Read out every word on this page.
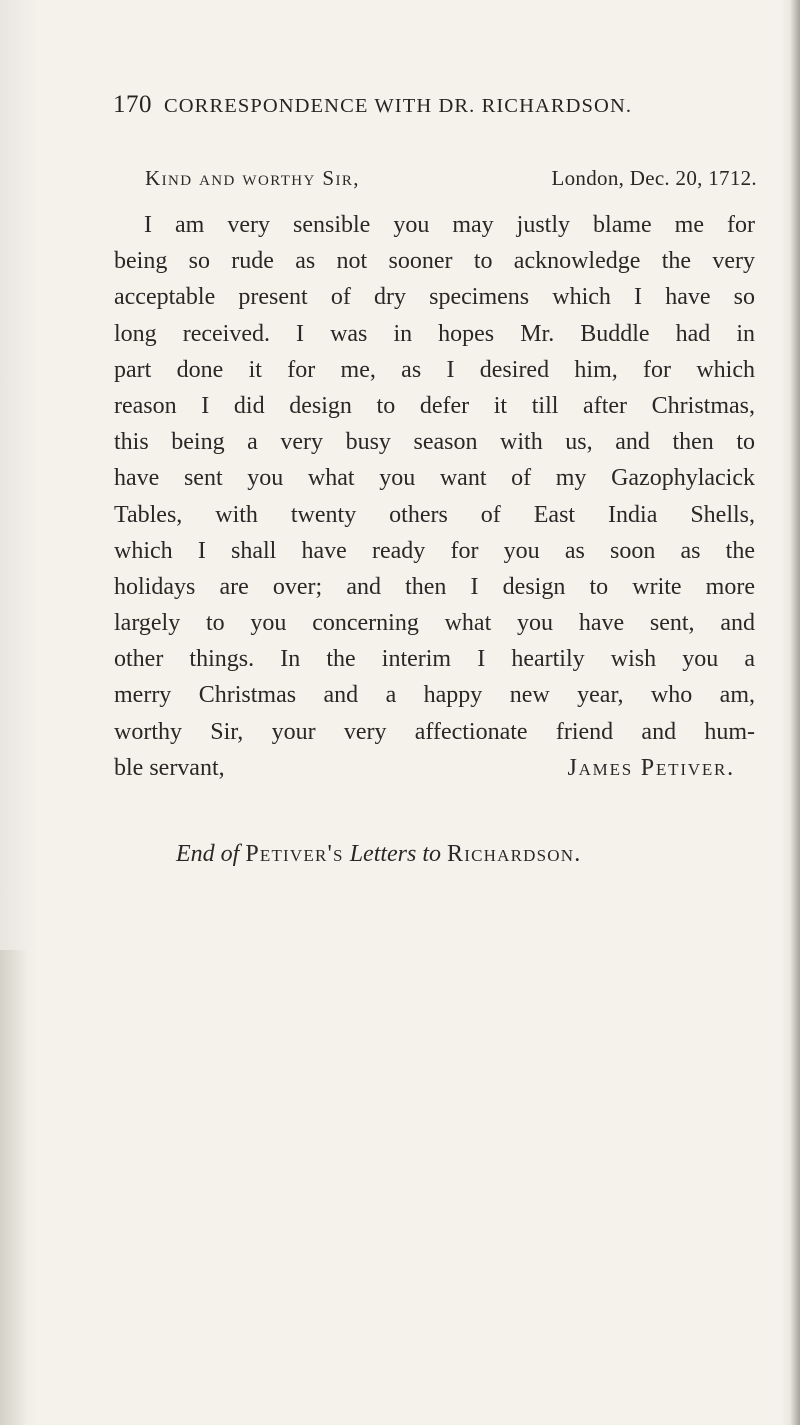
170 CORRESPONDENCE WITH DR. RICHARDSON.
Kind and worthy Sir,	London, Dec. 20, 1712.
I am very sensible you may justly blame me for
being so rude as not sooner to acknowledge the very
acceptable present of dry specimens which I have so
long received. I was in hopes Mr. Buddle had in
part done it for me, as I desired him, for which
reason I did design to defer it till after Christmas,
this being a very busy season with us, and then to
have sent you what you want of my Gazophylacick
Tables, with twenty others of East India Shells,
which I shall have ready for you as soon as the
holidays are over; and then I design to write more
largely to you concerning what you have sent, and
other things. In the interim I heartily wish you a
merry Christmas and a happy new year, who am,
worthy Sir, your very affectionate friend and hum-
ble servant,	James Petiver.
End of Petiver's Letters to Richardson.
